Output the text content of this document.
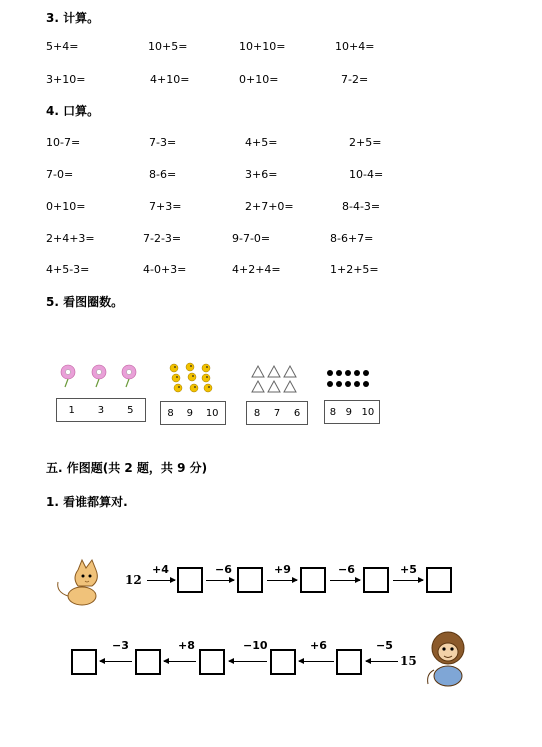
3. 计算。
5+4=	10+5=	10+10=	10+4=
3+10=	4+10=	0+10=	7-2=
4. 口算。
10-7=	7-3=	4+5=	2+5=
7-0=	8-6=	3+6=	10-4=
0+10=	7+3=	2+7+0=	8-4-3=
2+4+3=	7-2-3=	9-7-0=	8-6+7=
4+5-3=	4-0+3=	4+2+4=	1+2+5=
5. 看图圈数。
1 3 5	8 9 10	8 7 6	8 9 10
五. 作图题(共 2 题，共 9 分)
1. 看谁都算对.
12
+4	−6	+9	−6	+5
−3	+8	−10	+6	−5
15
